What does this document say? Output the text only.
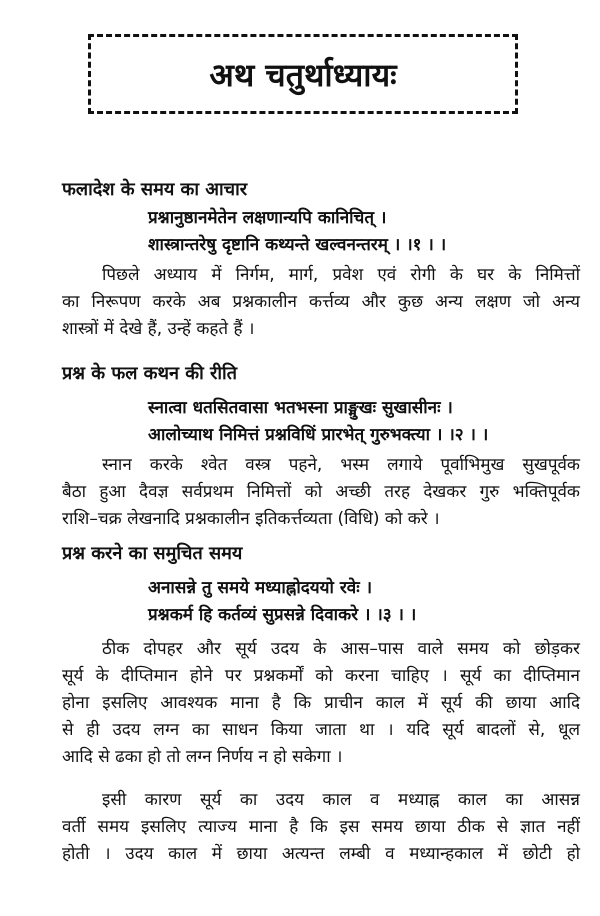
अथ चतुर्थाध्यायः
फलादेश के समय का आचार
प्रश्नानुष्ठानमेतेन लक्षणान्यपि कानिचित् ।
शास्त्रान्तरेषु दृष्टानि कथ्यन्ते खल्वनन्तरम् । ।१ । ।
पिछले अध्याय में निर्गम, मार्ग, प्रवेश एवं रोगी के घर के निमित्तों
का निरूपण करके अब प्रश्नकालीन कर्त्तव्य और कुछ अन्य लक्षण जो अन्य
शास्त्रों में देखे हैं, उन्हें कहते हैं ।
प्रश्न के फल कथन की रीति
स्नात्वा धतसितवासा भतभस्ना प्राङ्मुखः सुखासीनः ।
आलोच्याथ निमित्तं प्रश्नविधिं प्रारभेत् गुरुभक्त्या । ।२ । ।
स्नान करके श्वेत वस्त्र पहने, भस्म लगाये पूर्वाभिमुख सुखपूर्वक
बैठा हुआ दैवज्ञ सर्वप्रथम निमित्तों को अच्छी तरह देखकर गुरु भक्तिपूर्वक
राशि–चक्र लेखनादि प्रश्नकालीन इतिकर्त्तव्यता (विधि) को करे ।
प्रश्न करने का समुचित समय
अनासन्ने तु समये मध्याह्नोदययो रवेः ।
प्रश्नकर्म हि कर्तव्यं सुप्रसन्ने दिवाकरे । ।३ । ।
ठीक दोपहर और सूर्य उदय के आस–पास वाले समय को छोड़कर
सूर्य के दीप्तिमान होने पर प्रश्नकर्मों को करना चाहिए । सूर्य का दीप्तिमान
होना इसलिए आवश्यक माना है कि प्राचीन काल में सूर्य की छाया आदि
से ही उदय लग्न का साधन किया जाता था । यदि सूर्य बादलों से, धूल
आदि से ढका हो तो लग्न निर्णय न हो सकेगा ।
इसी कारण सूर्य का उदय काल व मध्याह्न काल का आसन्न
वर्ती समय इसलिए त्याज्य माना है कि इस समय छाया ठीक से ज्ञात नहीं
होती । उदय काल में छाया अत्यन्त लम्बी व मध्यान्हकाल में छोटी हो
